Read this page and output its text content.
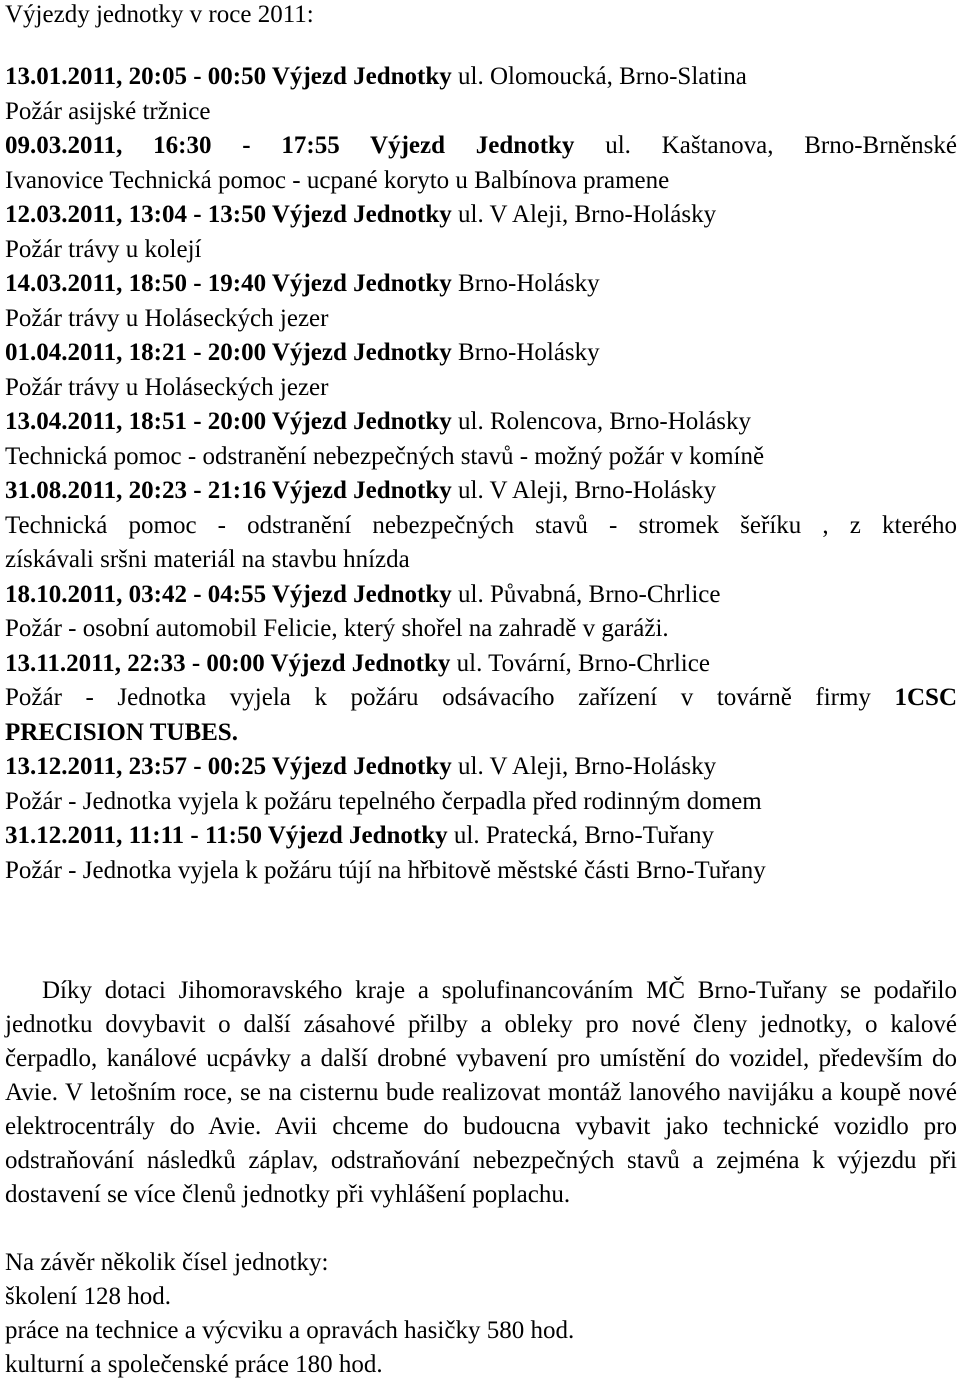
Výjezdy jednotky v roce 2011:
13.01.2011, 20:05 - 00:50 Výjezd Jednotky ul. Olomoucká, Brno-Slatina
Požár asijské tržnice
09.03.2011, 16:30 - 17:55 Výjezd Jednotky ul. Kaštanova, Brno-Brněnské
Ivanovice Technická pomoc - ucpané koryto u Balbínova pramene
12.03.2011, 13:04 - 13:50 Výjezd Jednotky ul. V Aleji, Brno-Holásky
Požár trávy u kolejí
14.03.2011, 18:50 - 19:40 Výjezd Jednotky Brno-Holásky
Požár trávy u Holáseckých jezer
01.04.2011, 18:21 - 20:00 Výjezd Jednotky Brno-Holásky
Požár trávy u Holáseckých jezer
13.04.2011, 18:51 - 20:00 Výjezd Jednotky ul. Rolencova, Brno-Holásky
Technická pomoc - odstranění nebezpečných stavů - možný požár v komíně
31.08.2011, 20:23 - 21:16 Výjezd Jednotky ul. V Aleji, Brno-Holásky
Technická pomoc - odstranění nebezpečných stavů - stromek šeříku , z kterého
získávali sršni materiál na stavbu hnízda
18.10.2011, 03:42 - 04:55 Výjezd Jednotky ul. Půvabná, Brno-Chrlice
Požár - osobní automobil Felicie, který shořel na zahradě v garáži.
13.11.2011, 22:33 - 00:00 Výjezd Jednotky ul. Tovární, Brno-Chrlice
Požár - Jednotka vyjela k požáru odsávacího zařízení v továrně firmy 1CSC
PRECISION TUBES.
13.12.2011, 23:57 - 00:25 Výjezd Jednotky ul. V Aleji, Brno-Holásky
Požár - Jednotka vyjela k požáru tepelného čerpadla před rodinným domem
31.12.2011, 11:11 - 11:50 Výjezd Jednotky ul. Pratecká, Brno-Tuřany
Požár - Jednotka vyjela k požáru tújí na hřbitově městské části Brno-Tuřany

Díky dotaci Jihomoravského kraje a spolufinancováním MČ Brno-Tuřany se podařilo jednotku dovybavit o další zásahové přilby a obleky pro nové členy jednotky, o kalové čerpadlo, kanálové ucpávky a další drobné vybavení pro umístění do vozidel, především do Avie. V letošním roce, se na cisternu bude realizovat montáž lanového navijáku a koupě nové elektrocentrály do Avie. Avii chceme do budoucna vybavit jako technické vozidlo pro odstraňování následků záplav, odstraňování nebezpečných stavů a zejména k výjezdu při dostavení se více členů jednotky při vyhlášení poplachu.

Na závěr několik čísel jednotky:
školení 128 hod.
práce na technice a výcviku a opravách hasičky 580 hod.
kulturní a společenské práce 180 hod.
